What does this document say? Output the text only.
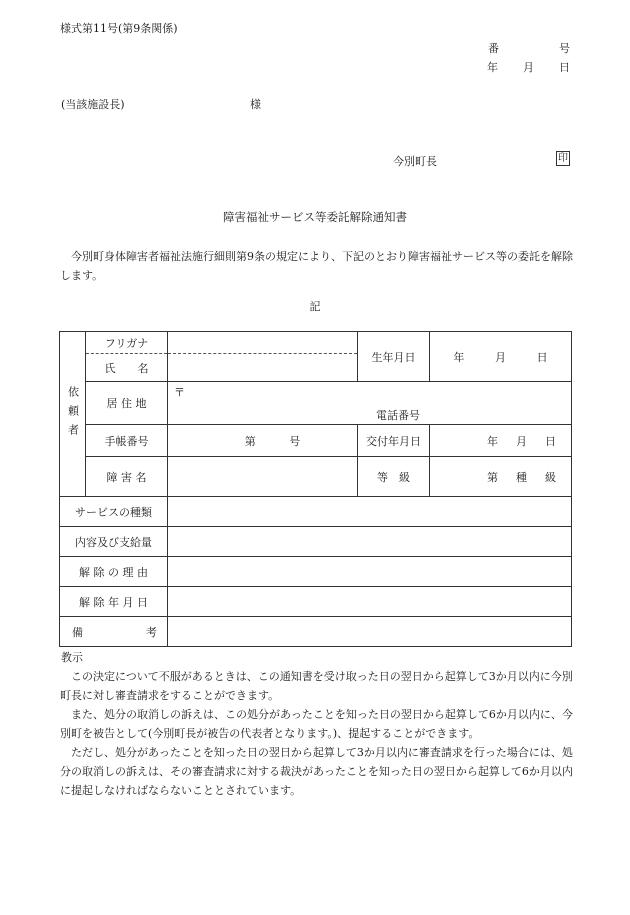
様式第11号(第9条関係)
番	号
年 月 日
(当該施設長)	様
今別町長	印
障害福祉サービス等委託解除通知書
今別町身体障害者福祉法施行細則第9条の規定により、下記のとおり障害福祉サービス等の委託を解除します。
記
依頼者	フリガナ		生年月日	年 月 日

	氏　　名			
	居 住 地	〒
電話番号		

	手帳番号	第 号	交付年月日	年 月 日

	障 害 名		等　級	第 種 級

サービスの種類				
内容及び支給量				
解 除 の 理 由				
解 除 年 月 日				

備 考				

教示
この決定について不服があるときは、この通知書を受け取った日の翌日から起算して3か月以内に今別町長に対し審査請求をすることができます。
また、処分の取消しの訴えは、この処分があったことを知った日の翌日から起算して6か月以内に、今別町を被告として(今別町長が被告の代表者となります。)、提起することができます。
ただし、処分があったことを知った日の翌日から起算して3か月以内に審査請求を行った場合には、処分の取消しの訴えは、その審査請求に対する裁決があったことを知った日の翌日から起算して6か月以内に提起しなければならないこととされています。
